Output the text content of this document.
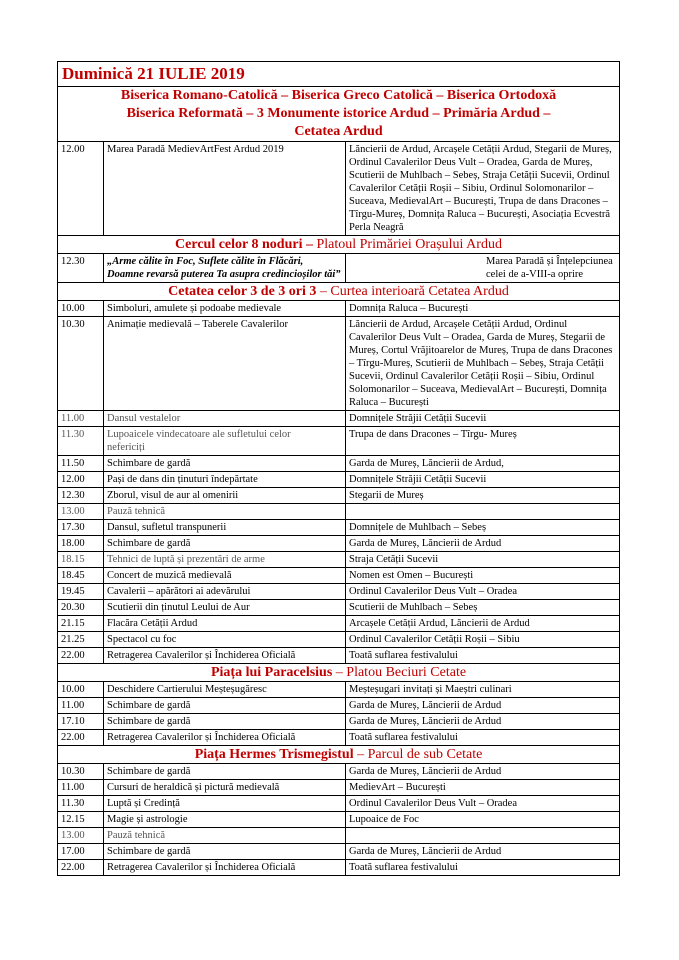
Duminică 21 IULIE 2019		

Biserica Romano-Catolică – Biserica Greco Catolică – Biserica Ortodoxă
Biserica Reformată – 3 Monumente istorice Ardud – Primăria Ardud –
Cetatea Ardud		

12.00	Marea Paradă MedievArtFest Ardud 2019	Lăncierii de Ardud, Arcașele Cetății Ardud, Stegarii de Mureș, Ordinul Cavalerilor Deus Vult – Oradea, Garda de Mureș, Scutierii de Muhlbach – Sebeș, Straja Cetății Sucevii, Ordinul Cavalerilor Cetății Roșii – Sibiu, Ordinul Solomonarilor – Suceava, MedievalArt – București, Trupa de dans Dracones – Tîrgu-Mureș, Domnița Raluca – București, Asociația Ecvestră Perla Neagră
Cercul celor 8 noduri – Platoul Primăriei Orașului Ardud		
12.30	„Arme călite în Foc, Suflete călite în Flăcări,
Doamne revarsă puterea Ta asupra credincioșilor tăi”	Marea Paradă și Înțelepciunea celei de a-VIII-a oprire
Cetatea celor 3 de 3 ori 3 – Curtea interioară Cetatea Ardud		
10.00	Simboluri, amulete și podoabe medievale	Domnița Raluca – București
10.30	Animație medievală – Taberele Cavalerilor	Lăncierii de Ardud, Arcașele Cetății Ardud, Ordinul Cavalerilor Deus Vult – Oradea, Garda de Mureș, Stegarii de Mureș, Cortul Vrăjitoarelor de Mureș, Trupa de dans Dracones – Tîrgu-Mureș, Scutierii de Muhlbach – Sebeș, Straja Cetății Sucevii, Ordinul Cavalerilor Cetății Roșii – Sibiu, Ordinul Solomonarilor – Suceava, MedievalArt – București, Domnița Raluca – București
11.00	Dansul vestalelor	Domnițele Străjii Cetății Sucevii
11.30	Lupoaicele vindecatoare ale sufletului celor nefericiți	Trupa de dans Dracones – Tîrgu- Mureș
11.50	Schimbare de gardă	Garda de Mureș, Lăncierii de Ardud,
12.00	Pași de dans din ținuturi îndepărtate	Domnițele Străjii Cetății Sucevii
12.30	Zborul, visul de aur al omenirii	Stegarii de Mureș
13.00	Pauză tehnică	
17.30	Dansul, sufletul transpunerii	Domnițele de Muhlbach – Sebeș
18.00	Schimbare de gardă	Garda de Mureș, Lăncierii de Ardud
18.15	Tehnici de luptă și prezentări de arme	Straja Cetății Sucevii
18.45	Concert de muzică medievală	Nomen est Omen – București
19.45	Cavalerii – apărători ai adevărului	Ordinul Cavalerilor Deus Vult – Oradea
20.30	Scutierii din ținutul Leului de Aur	Scutierii de Muhlbach – Sebeș
21.15	Flacăra Cetății Ardud	Arcașele Cetății Ardud, Lăncierii de Ardud
21.25	Spectacol cu foc	Ordinul Cavalerilor Cetății Roșii – Sibiu
22.00	Retragerea Cavalerilor și Închiderea Oficială	Toată suflarea festivalului
Piața lui Paracelsius – Platou Beciuri Cetate		
10.00	Deschidere Cartierului Meșteșugăresc	Meșteșugari invitați și Maeștri culinari
11.00	Schimbare de gardă	Garda de Mureș, Lăncierii de Ardud
17.10	Schimbare de gardă	Garda de Mureș, Lăncierii de Ardud
22.00	Retragerea Cavalerilor și Închiderea Oficială	Toată suflarea festivalului
Piața Hermes Trismegistul – Parcul de sub Cetate		
10.30	Schimbare de gardă	Garda de Mureș, Lăncierii de Ardud
11.00	Cursuri de heraldică și pictură medievală	MedievArt – București
11.30	Luptă și Credință	Ordinul Cavalerilor Deus Vult – Oradea
12.15	Magie și astrologie	Lupoaice de Foc
13.00	Pauză tehnică	
17.00	Schimbare de gardă	Garda de Mureș, Lăncierii de Ardud
22.00	Retragerea Cavalerilor și Închiderea Oficială	Toată suflarea festivalului
